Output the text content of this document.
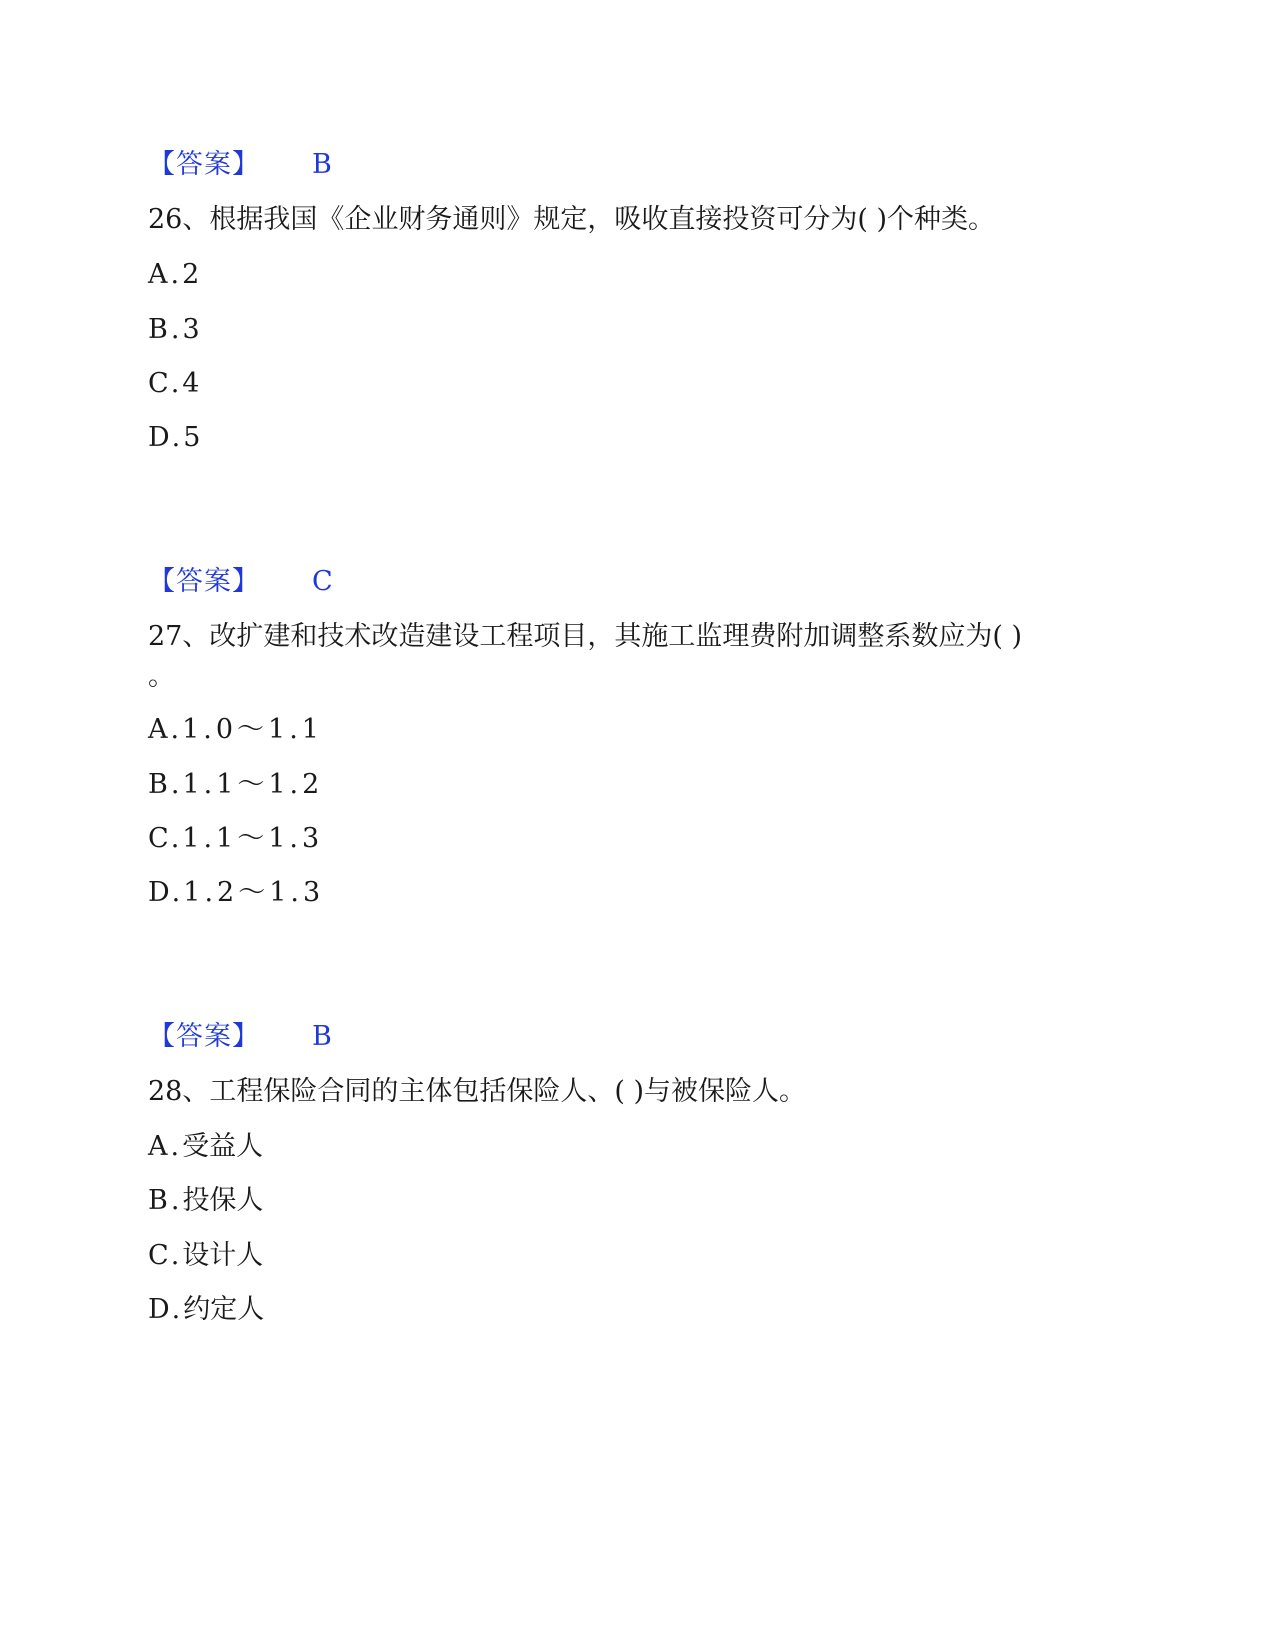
【答案】 B
26、根据我国《企业财务通则》规定，吸收直接投资可分为( )个种类。
A.2
B.3
C.4
D.5
【答案】 C
27、改扩建和技术改造建设工程项目，其施工监理费附加调整系数应为( )
。
A.1.0～1.1
B.1.1～1.2
C.1.1～1.3
D.1.2～1.3
【答案】 B
28、工程保险合同的主体包括保险人、( )与被保险人。
A.受益人
B.投保人
C.设计人
D.约定人
